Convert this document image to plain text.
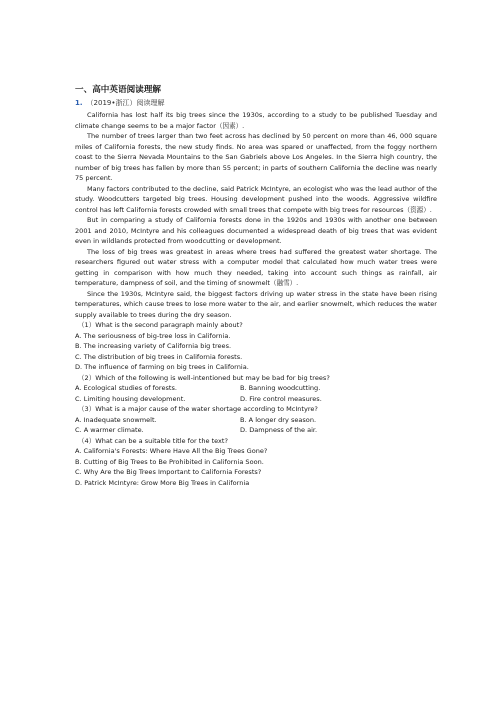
一、高中英语阅读理解
1. （2019•浙江）阅读理解

California has lost half its big trees since the 1930s, according to a study to be published Tuesday and climate change seems to be a major factor（因素）.

The number of trees larger than two feet across has declined by 50 percent on more than 46, 000 square miles of California forests, the new study finds. No area was spared or unaffected, from the foggy northern coast to the Sierra Nevada Mountains to the San Gabriels above Los Angeles. In the Sierra high country, the number of big trees has fallen by more than 55 percent; in parts of southern California the decline was nearly 75 percent.

Many factors contributed to the decline, said Patrick McIntyre, an ecologist who was the lead author of the study. Woodcutters targeted big trees. Housing development pushed into the woods. Aggressive wildfire control has left California forests crowded with small trees that compete with big trees for resources（资源）.

But in comparing a study of California forests done in the 1920s and 1930s with another one between 2001 and 2010, McIntyre and his colleagues documented a widespread death of big trees that was evident even in wildlands protected from woodcutting or development.

The loss of big trees was greatest in areas where trees had suffered the greatest water shortage. The researchers figured out water stress with a computer model that calculated how much water trees were getting in comparison with how much they needed, taking into account such things as rainfall, air temperature, dampness of soil, and the timing of snowmelt（融雪）.

Since the 1930s, McIntyre said, the biggest factors driving up water stress in the state have been rising temperatures, which cause trees to lose more water to the air, and earlier snowmelt, which reduces the water supply available to trees during the dry season.

（1）What is the second paragraph mainly about?

A. The seriousness of big-tree loss in California.

B. The increasing variety of California big trees.

C. The distribution of big trees in California forests.

D. The influence of farming on big trees in California.

（2）Which of the following is well-intentioned but may be bad for big trees?

A. Ecological studies of forests.	B. Banning woodcutting.
C. Limiting housing development.	D. Fire control measures.

（3）What is a major cause of the water shortage according to McIntyre?

A. Inadequate snowmelt.	B. A longer dry season.
C. A warmer climate.	D. Dampness of the air.

（4）What can be a suitable title for the text?

A. California's Forests: Where Have All the Big Trees Gone?

B. Cutting of Big Trees to Be Prohibited in California Soon.

C. Why Are the Big Trees Important to California Forests?

D. Patrick McIntyre: Grow More Big Trees in California
